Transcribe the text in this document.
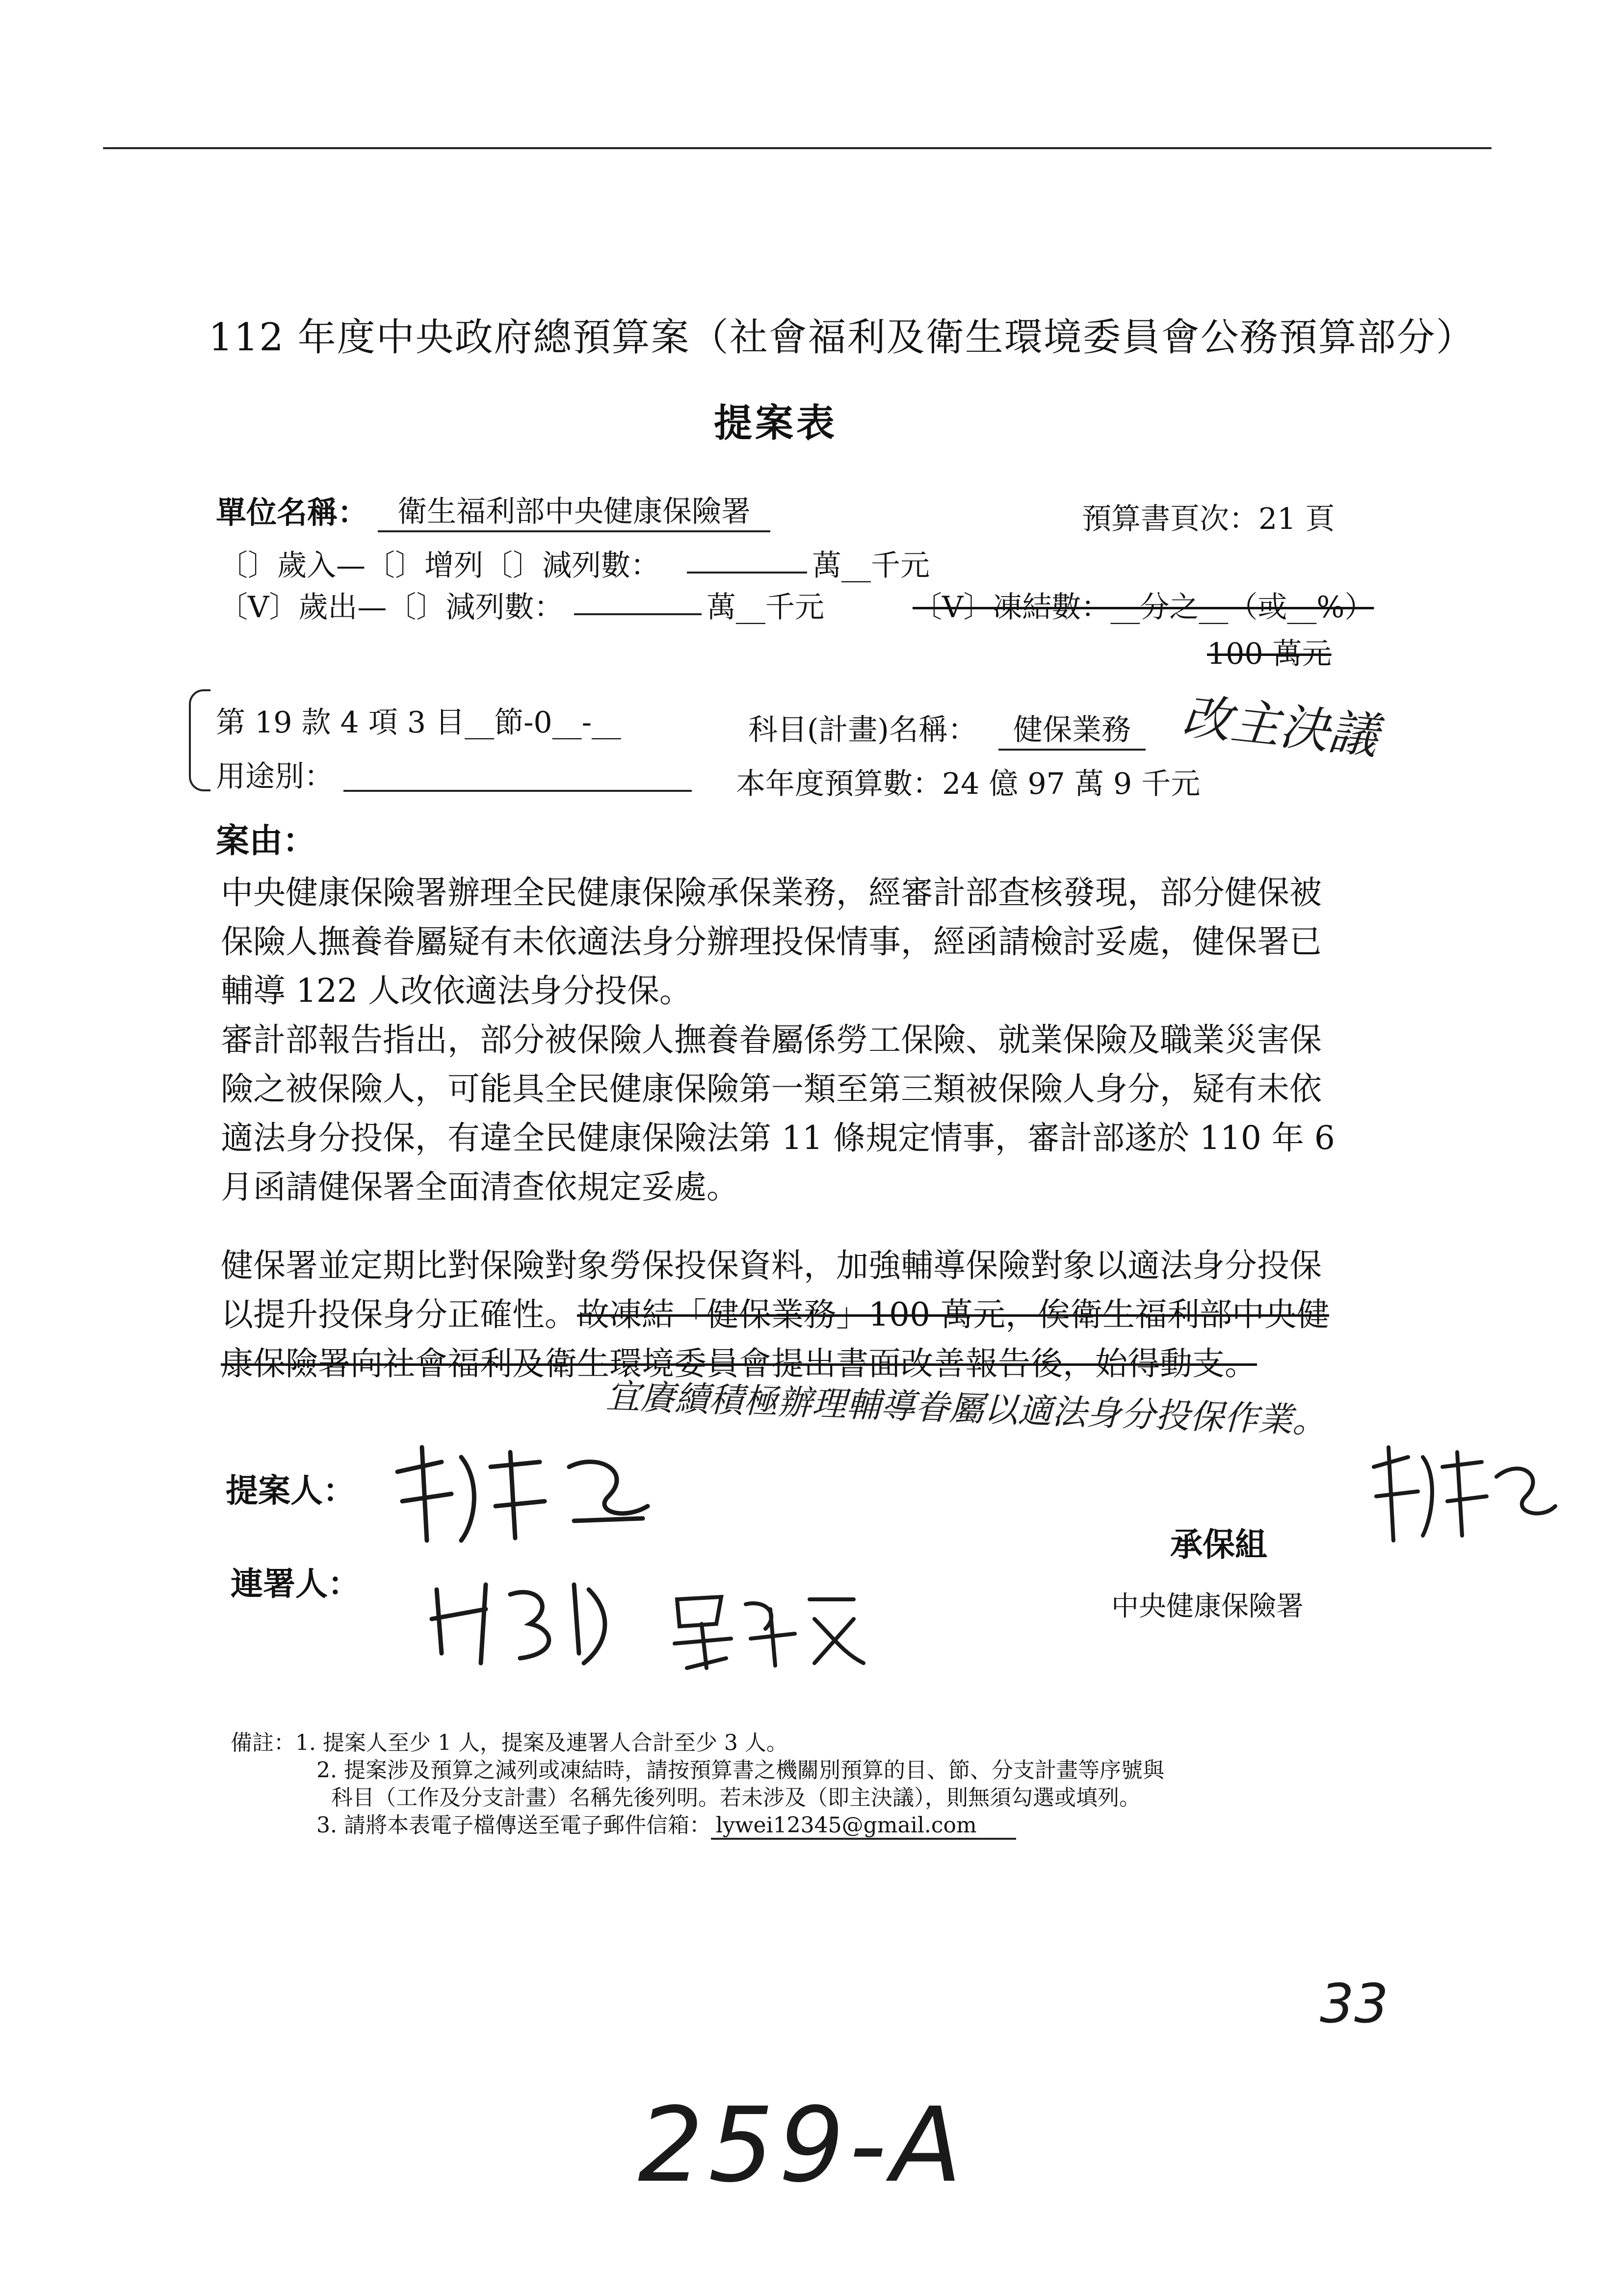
112 年度中央政府總預算案（社會福利及衛生環境委員會公務預算部分）
提案表
單位名稱： 衛生福利部中央健康保險署	預算書頁次：21 頁
〔〕歲入—〔〕增列〔〕減列數：	萬__千元
〔V〕歲出—〔〕減列數：	萬__千元	〔V〕凍結數：__分之__（或__%）
100 萬元
第 19 款 4 項 3 目__節-0__-__	科目(計畫)名稱：	健保業務 改主決議
用途別：	本年度預算數：24 億 97 萬 9 千元
案由：

中央健康保險署辦理全民健康保險承保業務，經審計部查核發現，部分健保被保險人撫養眷屬疑有未依適法身分辦理投保情事，經函請檢討妥處，健保署已輔導 122 人改依適法身分投保。

審計部報告指出，部分被保險人撫養眷屬係勞工保險、就業保險及職業災害保險之被保險人，可能具全民健康保險第一類至第三類被保險人身分，疑有未依適法身分投保，有違全民健康保險法第 11 條規定情事，審計部遂於 110 年 6 月函請健保署全面清查依規定妥處。

健保署並定期比對保險對象勞保投保資料，加強輔導保險對象以適法身分投保以提升投保身分正確性。故凍結「健保業務」100 萬元，俟衛生福利部中央健康保險署向社會福利及衛生環境委員會提出書面改善報告後，始得動支。

宜賡續積極辦理輔導眷屬以適法身分投保作業。
提案人：
承保組
連署人：
中央健康保險署
備註：1. 提案人至少 1 人，提案及連署人合計至少 3 人。
2. 提案涉及預算之減列或凍結時，請按預算書之機關別預算的目、節、分支計畫等序號與
科目（工作及分支計畫）名稱先後列明。若未涉及（即主決議），則無須勾選或填列。
3. 請將本表電子檔傳送至電子郵件信箱： lywei12345@gmail.com
33
259-A
